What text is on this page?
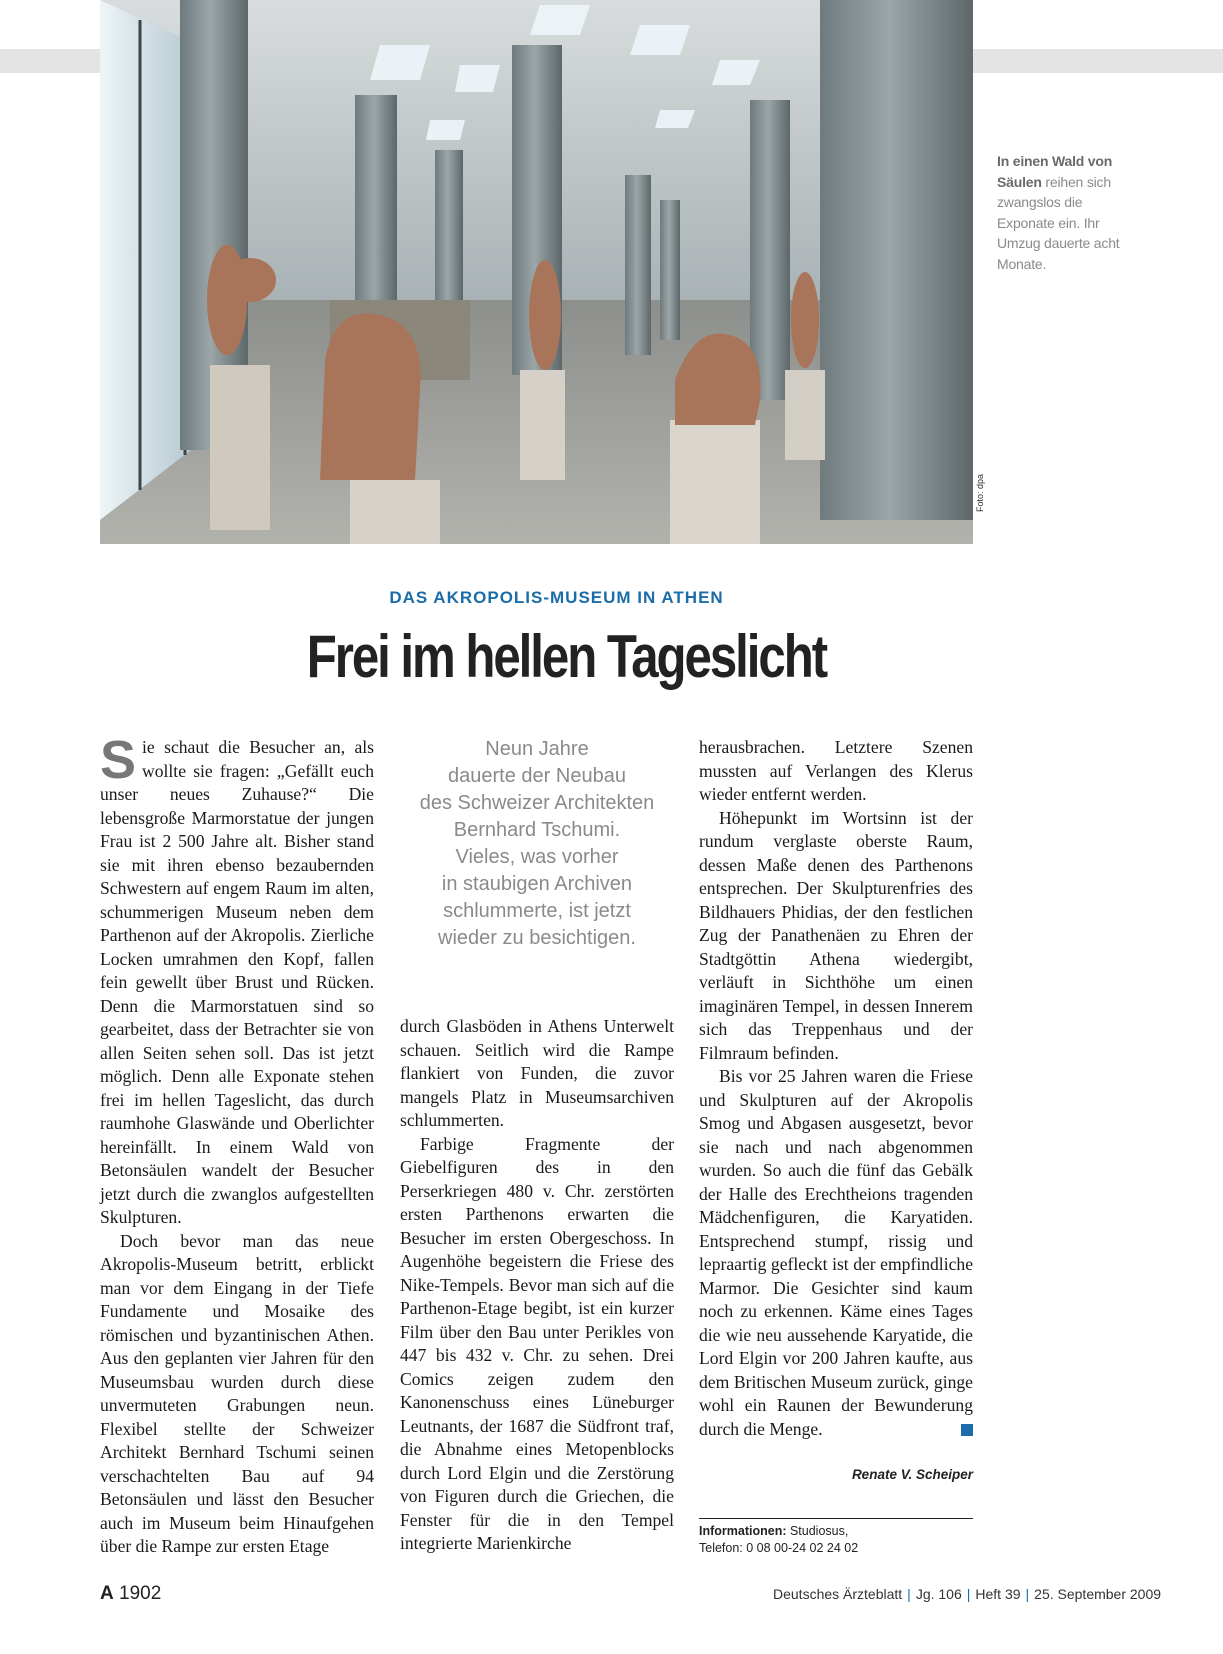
Foto: dpa
In einen Wald von Säulen reihen sich zwangslos die Exponate ein. Ihr Umzug dauerte acht Monate.
DAS AKROPOLIS-MUSEUM IN ATHEN
Frei im hellen Tageslicht

Sie schaut die Besucher an, als wollte sie fragen: „Gefällt euch unser neues Zuhause?“ Die lebensgroße Marmorstatue der jungen Frau ist 2 500 Jahre alt. Bisher stand sie mit ihren ebenso bezaubernden Schwestern auf engem Raum im alten, schummerigen Museum neben dem Parthenon auf der Akropolis. Zierliche Locken umrahmen den Kopf, fallen fein gewellt über Brust und Rücken. Denn die Marmorstatuen sind so gearbeitet, dass der Betrachter sie von allen Seiten sehen soll. Das ist jetzt möglich. Denn alle Exponate stehen frei im hellen Tageslicht, das durch raumhohe Glaswände und Oberlichter hereinfällt. In einem Wald von Betonsäulen wandelt der Besucher jetzt durch die zwanglos aufgestellten Skulpturen.

Doch bevor man das neue Akropolis-Museum betritt, erblickt man vor dem Eingang in der Tiefe Fundamente und Mosaike des römischen und byzantinischen Athen. Aus den geplanten vier Jahren für den Museumsbau wurden durch diese unvermuteten Grabungen neun. Flexibel stellte der Schweizer Architekt Bernhard Tschumi seinen verschachtelten Bau auf 94 Betonsäulen und lässt den Besucher auch im Museum beim Hinaufgehen über die Rampe zur ersten Etage

Neun Jahre
dauerte der Neubau
des Schweizer Architekten
Bernhard Tschumi.
Vieles, was vorher
in staubigen Archiven
schlummerte, ist jetzt
wieder zu besichtigen.

durch Glasböden in Athens Unterwelt schauen. Seitlich wird die Rampe flankiert von Funden, die zuvor mangels Platz in Museumsarchiven schlummerten.

Farbige Fragmente der Giebelfiguren des in den Perserkriegen 480 v. Chr. zerstörten ersten Parthenons erwarten die Besucher im ersten Obergeschoss. In Augenhöhe begeistern die Friese des Nike-Tempels. Bevor man sich auf die Parthenon-Etage begibt, ist ein kurzer Film über den Bau unter Perikles von 447 bis 432 v. Chr. zu sehen. Drei Comics zeigen zudem den Kanonenschuss eines Lüneburger Leutnants, der 1687 die Südfront traf, die Abnahme eines Metopenblocks durch Lord Elgin und die Zerstörung von Figuren durch die Griechen, die Fenster für die in den Tempel integrierte Marienkirche

herausbrachen. Letztere Szenen mussten auf Verlangen des Klerus wieder entfernt werden.

Höhepunkt im Wortsinn ist der rundum verglaste oberste Raum, dessen Maße denen des Parthenons entsprechen. Der Skulpturenfries des Bildhauers Phidias, der den festlichen Zug der Panathenäen zu Ehren der Stadtgöttin Athena wiedergibt, verläuft in Sichthöhe um einen imaginären Tempel, in dessen Innerem sich das Treppenhaus und der Filmraum befinden.

Bis vor 25 Jahren waren die Friese und Skulpturen auf der Akropolis Smog und Abgasen ausgesetzt, bevor sie nach und nach abgenommen wurden. So auch die fünf das Gebälk der Halle des Erechtheions tragenden Mädchenfiguren, die Karyatiden. Entsprechend stumpf, rissig und lepraartig gefleckt ist der empfindliche Marmor. Die Gesichter sind kaum noch zu erkennen. Käme eines Tages die wie neu aussehende Karyatide, die Lord Elgin vor 200 Jahren kaufte, aus dem Britischen Museum zurück, ginge wohl ein Raunen der Bewunderung durch die Menge.

Renate V. Scheiper
Informationen: Studiosus,
Telefon: 0 08 00-24 02 24 02
A 1902	Deutsches Ärzteblatt | Jg. 106 | Heft 39 | 25. September 2009
